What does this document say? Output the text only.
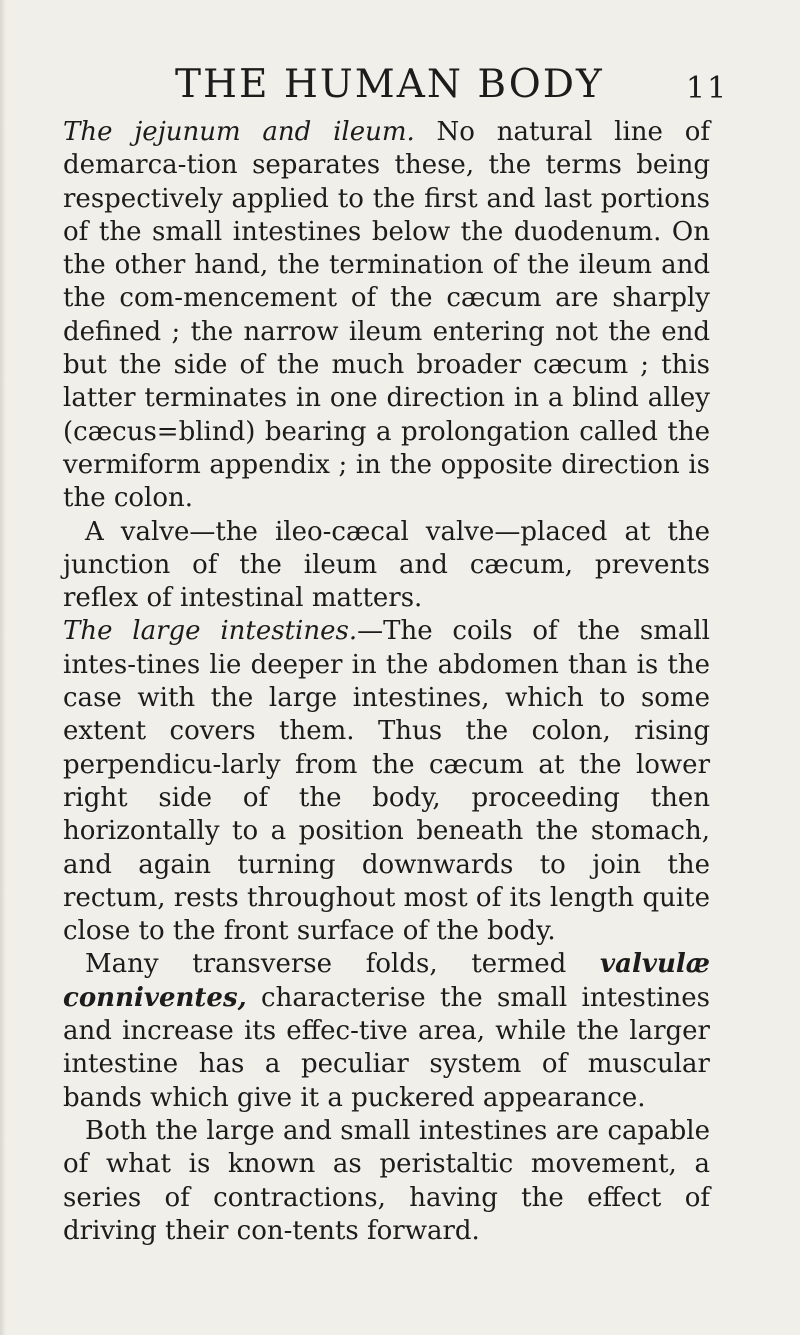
THE HUMAN BODY	11

The jejunum and ileum. No natural line of demarca-tion separates these, the terms being respectively applied to the first and last portions of the small intestines below the duodenum. On the other hand, the termination of the ileum and the com-mencement of the cæcum are sharply defined ; the narrow ileum entering not the end but the side of the much broader cæcum ; this latter terminates in one direction in a blind alley (cæcus=blind) bearing a prolongation called the vermiform appendix ; in the opposite direction is the colon.

A valve—the ileo-cæcal valve—placed at the junction of the ileum and cæcum, prevents reflex of intestinal matters.

The large intestines.—The coils of the small intes-tines lie deeper in the abdomen than is the case with the large intestines, which to some extent covers them. Thus the colon, rising perpendicu-larly from the cæcum at the lower right side of the body, proceeding then horizontally to a position beneath the stomach, and again turning downwards to join the rectum, rests throughout most of its length quite close to the front surface of the body.

Many transverse folds, termed valvulæ conniventes, characterise the small intestines and increase its effec-tive area, while the larger intestine has a peculiar system of muscular bands which give it a puckered appearance.

Both the large and small intestines are capable of what is known as peristaltic movement, a series of contractions, having the effect of driving their con-tents forward.
